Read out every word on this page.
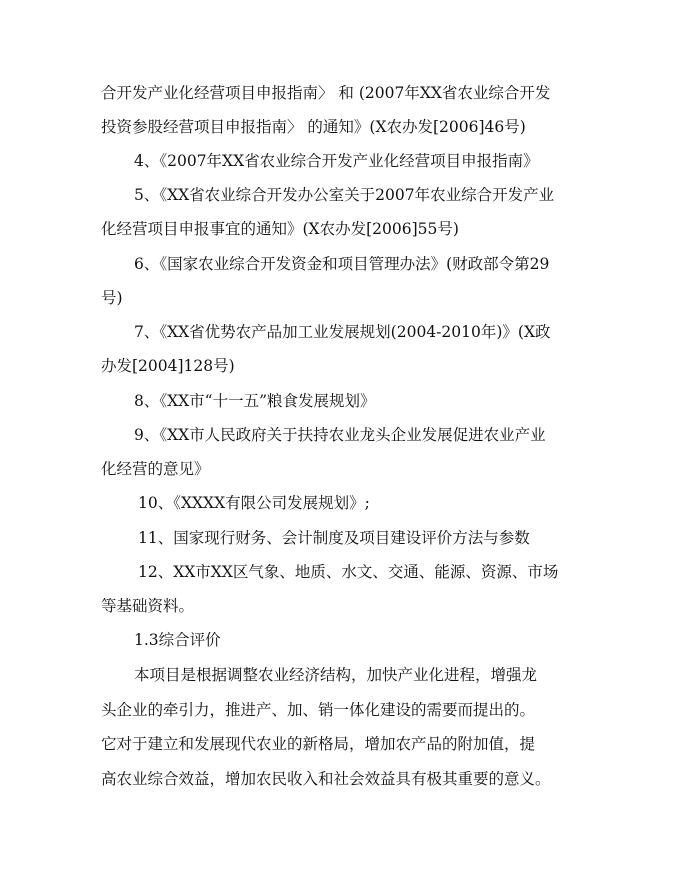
合开发产业化经营项目申报指南〉 和 (2007年XX省农业综合开发
投资参股经营项目申报指南〉 的通知》(X农办发[2006]46号)
4、《2007年XX省农业综合开发产业化经营项目申报指南》
5、《XX省农业综合开发办公室关于2007年农业综合开发产业
化经营项目申报事宜的通知》(X农办发[2006]55号)
6、《国家农业综合开发资金和项目管理办法》(财政部令第29
号)
7、《XX省优势农产品加工业发展规划(2004-2010年)》(X政
办发[2004]128号)
8、《XX市“十一五”粮食发展规划》
9、《XX市人民政府关于扶持农业龙头企业发展促进农业产业
化经营的意见》
10、《XXXX有限公司发展规划》;
11、国家现行财务、会计制度及项目建设评价方法与参数
12、XX市XX区气象、地质、水文、交通、能源、资源、市场
等基础资料。
1.3综合评价
本项目是根据调整农业经济结构，加快产业化进程，增强龙
头企业的牵引力，推进产、加、销一体化建设的需要而提出的。
它对于建立和发展现代农业的新格局，增加农产品的附加值，提
高农业综合效益，增加农民收入和社会效益具有极其重要的意义。
